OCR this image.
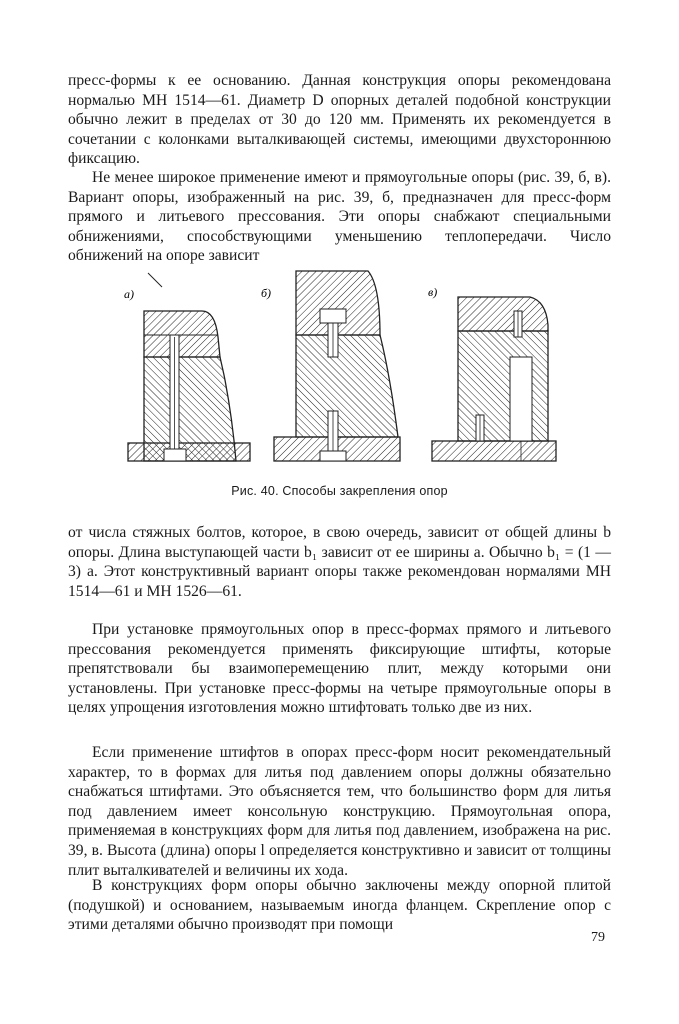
пресс-формы к ее основанию. Данная конструкция опоры рекомендована нормалью МН 1514—61. Диаметр D опорных деталей подобной конструкции обычно лежит в пределах от 30 до 120 мм. Применять их рекомендуется в сочетании с колонками выталкивающей системы, имеющими двухстороннюю фиксацию.

Не менее широкое применение имеют и прямоугольные опоры (рис. 39, б, в). Вариант опоры, изображенный на рис. 39, б, предназначен для пресс-форм прямого и литьевого прессования. Эти опоры снабжают специальными обнижениями, способствующими уменьшению теплопередачи. Число обнижений на опоре зависит

а)	б)	в)
Рис. 40. Способы закрепления опор

от числа стяжных болтов, которое, в свою очередь, зависит от общей длины b опоры. Длина выступающей части b₁ зависит от ее ширины a. Обычно b₁ = (1 — 3) a. Этот конструктивный вариант опоры также рекомендован нормалями МН 1514—61 и МН 1526—61.

При установке прямоугольных опор в пресс-формах прямого и литьевого прессования рекомендуется применять фиксирующие штифты, которые препятствовали бы взаимоперемещению плит, между которыми они установлены. При установке пресс-формы на четыре прямоугольные опоры в целях упрощения изготовления можно штифтовать только две из них.

Если применение штифтов в опорах пресс-форм носит рекомендательный характер, то в формах для литья под давлением опоры должны обязательно снабжаться штифтами. Это объясняется тем, что большинство форм для литья под давлением имеет консольную конструкцию. Прямоугольная опора, применяемая в конструкциях форм для литья под давлением, изображена на рис. 39, в. Высота (длина) опоры l определяется конструктивно и зависит от толщины плит выталкивателей и величины их хода.

В конструкциях форм опоры обычно заключены между опорной плитой (подушкой) и основанием, называемым иногда фланцем. Скрепление опор с этими деталями обычно производят при помощи

79
